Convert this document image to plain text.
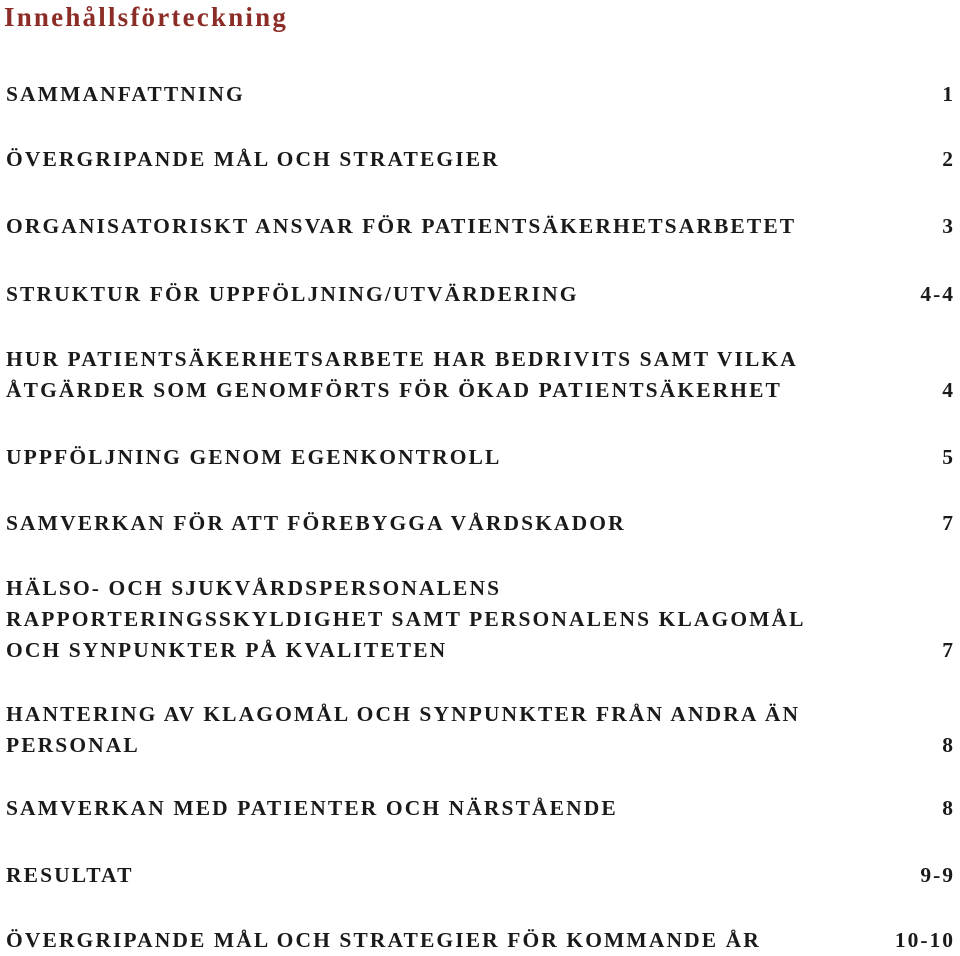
Innehållsförteckning
SAMMANFATTNING	1
ÖVERGRIPANDE MÅL OCH STRATEGIER	2
ORGANISATORISKT ANSVAR FÖR PATIENTSÄKERHETSARBETET	3
STRUKTUR FÖR UPPFÖLJNING/UTVÄRDERING	4-4
HUR PATIENTSÄKERHETSARBETE HAR BEDRIVITS SAMT VILKA
ÅTGÄRDER SOM GENOMFÖRTS FÖR ÖKAD PATIENTSÄKERHET	4
UPPFÖLJNING GENOM EGENKONTROLL	5
SAMVERKAN FÖR ATT FÖREBYGGA VÅRDSKADOR	7
HÄLSO- OCH SJUKVÅRDSPERSONALENS
RAPPORTERINGSSKYLDIGHET SAMT PERSONALENS KLAGOMÅL
OCH SYNPUNKTER PÅ KVALITETEN	7
HANTERING AV KLAGOMÅL OCH SYNPUNKTER FRÅN ANDRA ÄN
PERSONAL	8
SAMVERKAN MED PATIENTER OCH NÄRSTÅENDE	8
RESULTAT	9-9
ÖVERGRIPANDE MÅL OCH STRATEGIER FÖR KOMMANDE ÅR	10-10
